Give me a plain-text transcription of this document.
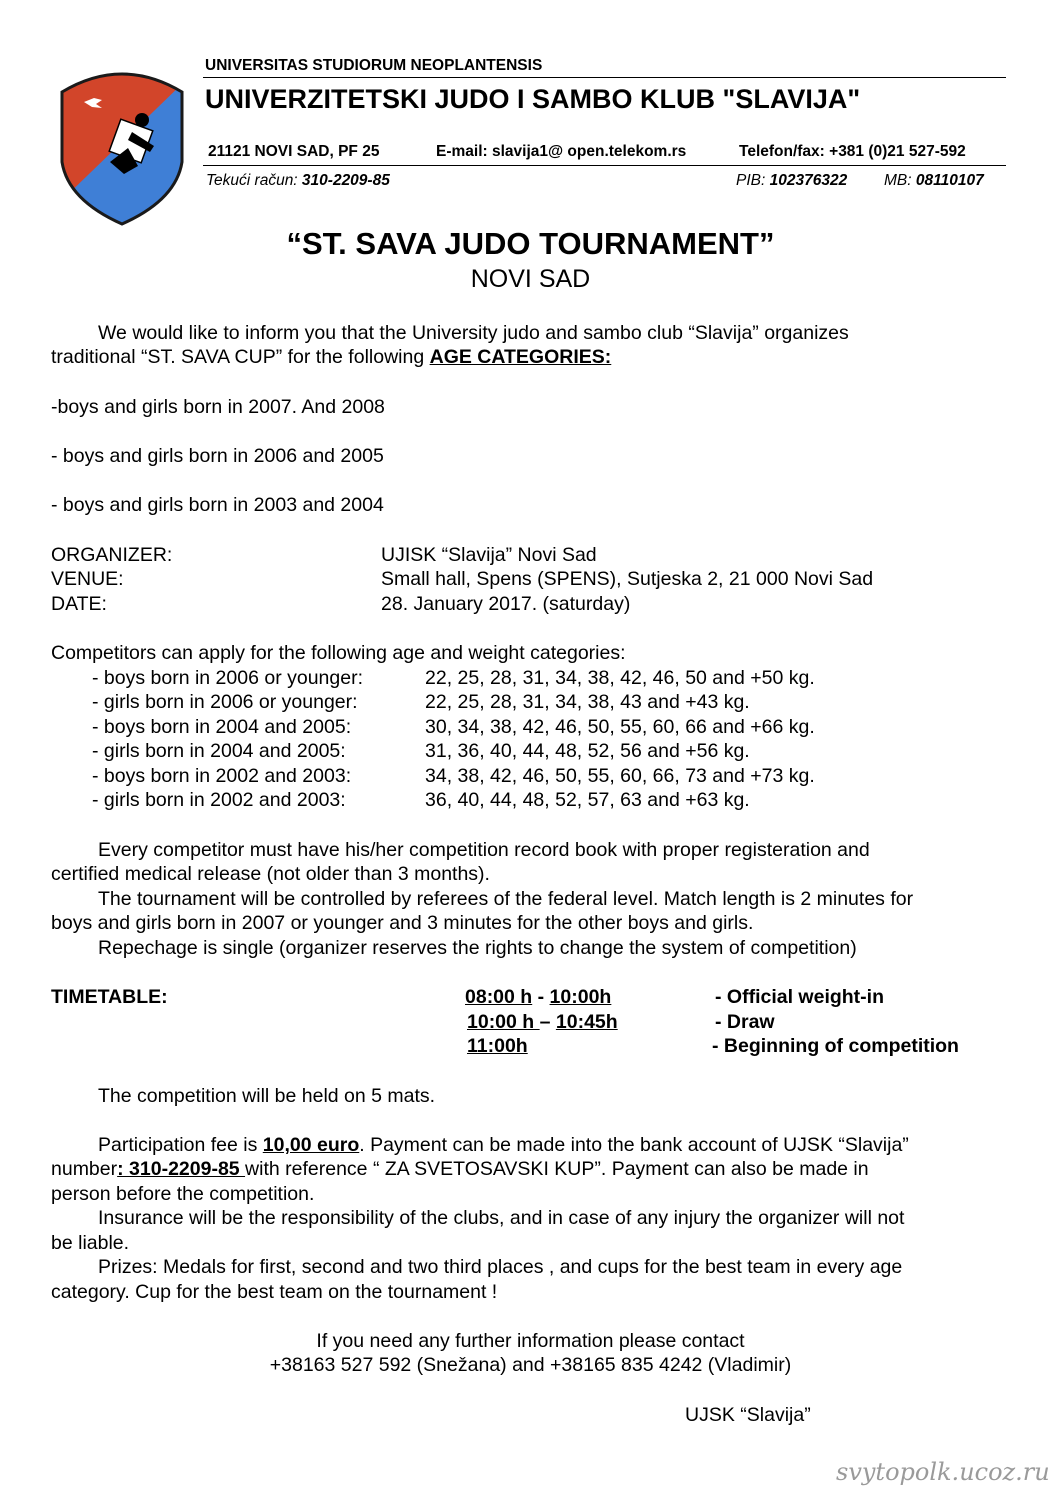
UNIVERSITAS STUDIORUM NEOPLANTENSIS
UNIVERZITETSKI JUDO I SAMBO KLUB "SLAVIJA"
21121 NOVI SAD, PF 25	E-mail: slavija1@ open.telekom.rs	Telefon/fax: +381 (0)21 527-592
Tekući račun: 310-2209-85	PIB: 102376322 MB: 08110107
“ST. SAVA JUDO TOURNAMENT”
NOVI SAD
We would like to inform you that the University judo and sambo club “Slavija” organizes
traditional “ST. SAVA CUP” for the following AGE CATEGORIES:
-boys and girls born in 2007. And 2008
- boys and girls born in 2006 and 2005
- boys and girls born in 2003 and 2004
ORGANIZER:	UJISK “Slavija” Novi Sad
VENUE:	Small hall, Spens (SPENS), Sutjeska 2, 21 000 Novi Sad
DATE:	28. January 2017. (saturday)
Competitors can apply for the following age and weight categories:
- boys born in 2006 or younger:	22, 25, 28, 31, 34, 38, 42, 46, 50 and +50 kg.
- girls born in 2006 or younger:	22, 25, 28, 31, 34, 38, 43 and +43 kg.
- boys born in 2004 and 2005:	30, 34, 38, 42, 46, 50, 55, 60, 66 and +66 kg.
- girls born in 2004 and 2005:	31, 36, 40, 44, 48, 52, 56 and +56 kg.
- boys born in 2002 and 2003:	34, 38, 42, 46, 50, 55, 60, 66, 73 and +73 kg.
- girls born in 2002 and 2003:	36, 40, 44, 48, 52, 57, 63 and +63 kg.
Every competitor must have his/her competition record book with proper registeration and
certified medical release (not older than 3 months).
The tournament will be controlled by referees of the federal level. Match length is 2 minutes for
boys and girls born in 2007 or younger and 3 minutes for the other boys and girls.
Repechage is single (organizer reserves the rights to change the system of competition)
TIMETABLE:	08:00 h - 10:00h	- Official weight-in
10:00 h – 10:45h	- Draw
11:00h	- Beginning of competition
The competition will be held on 5 mats.
Participation fee is 10,00 euro. Payment can be made into the bank account of UJSK “Slavija”
number: 310-2209-85 with reference “ ZA SVETOSAVSKI KUP”. Payment can also be made in
person before the competition.
Insurance will be the responsibility of the clubs, and in case of any injury the organizer will not
be liable.
Prizes: Medals for first, second and two third places , and cups for the best team in every age
category. Cup for the best team on the tournament !
If you need any further information please contact
+38163 527 592 (Snežana) and +38165 835 4242 (Vladimir)
UJSK “Slavija”
svytopolk.ucoz.ru
